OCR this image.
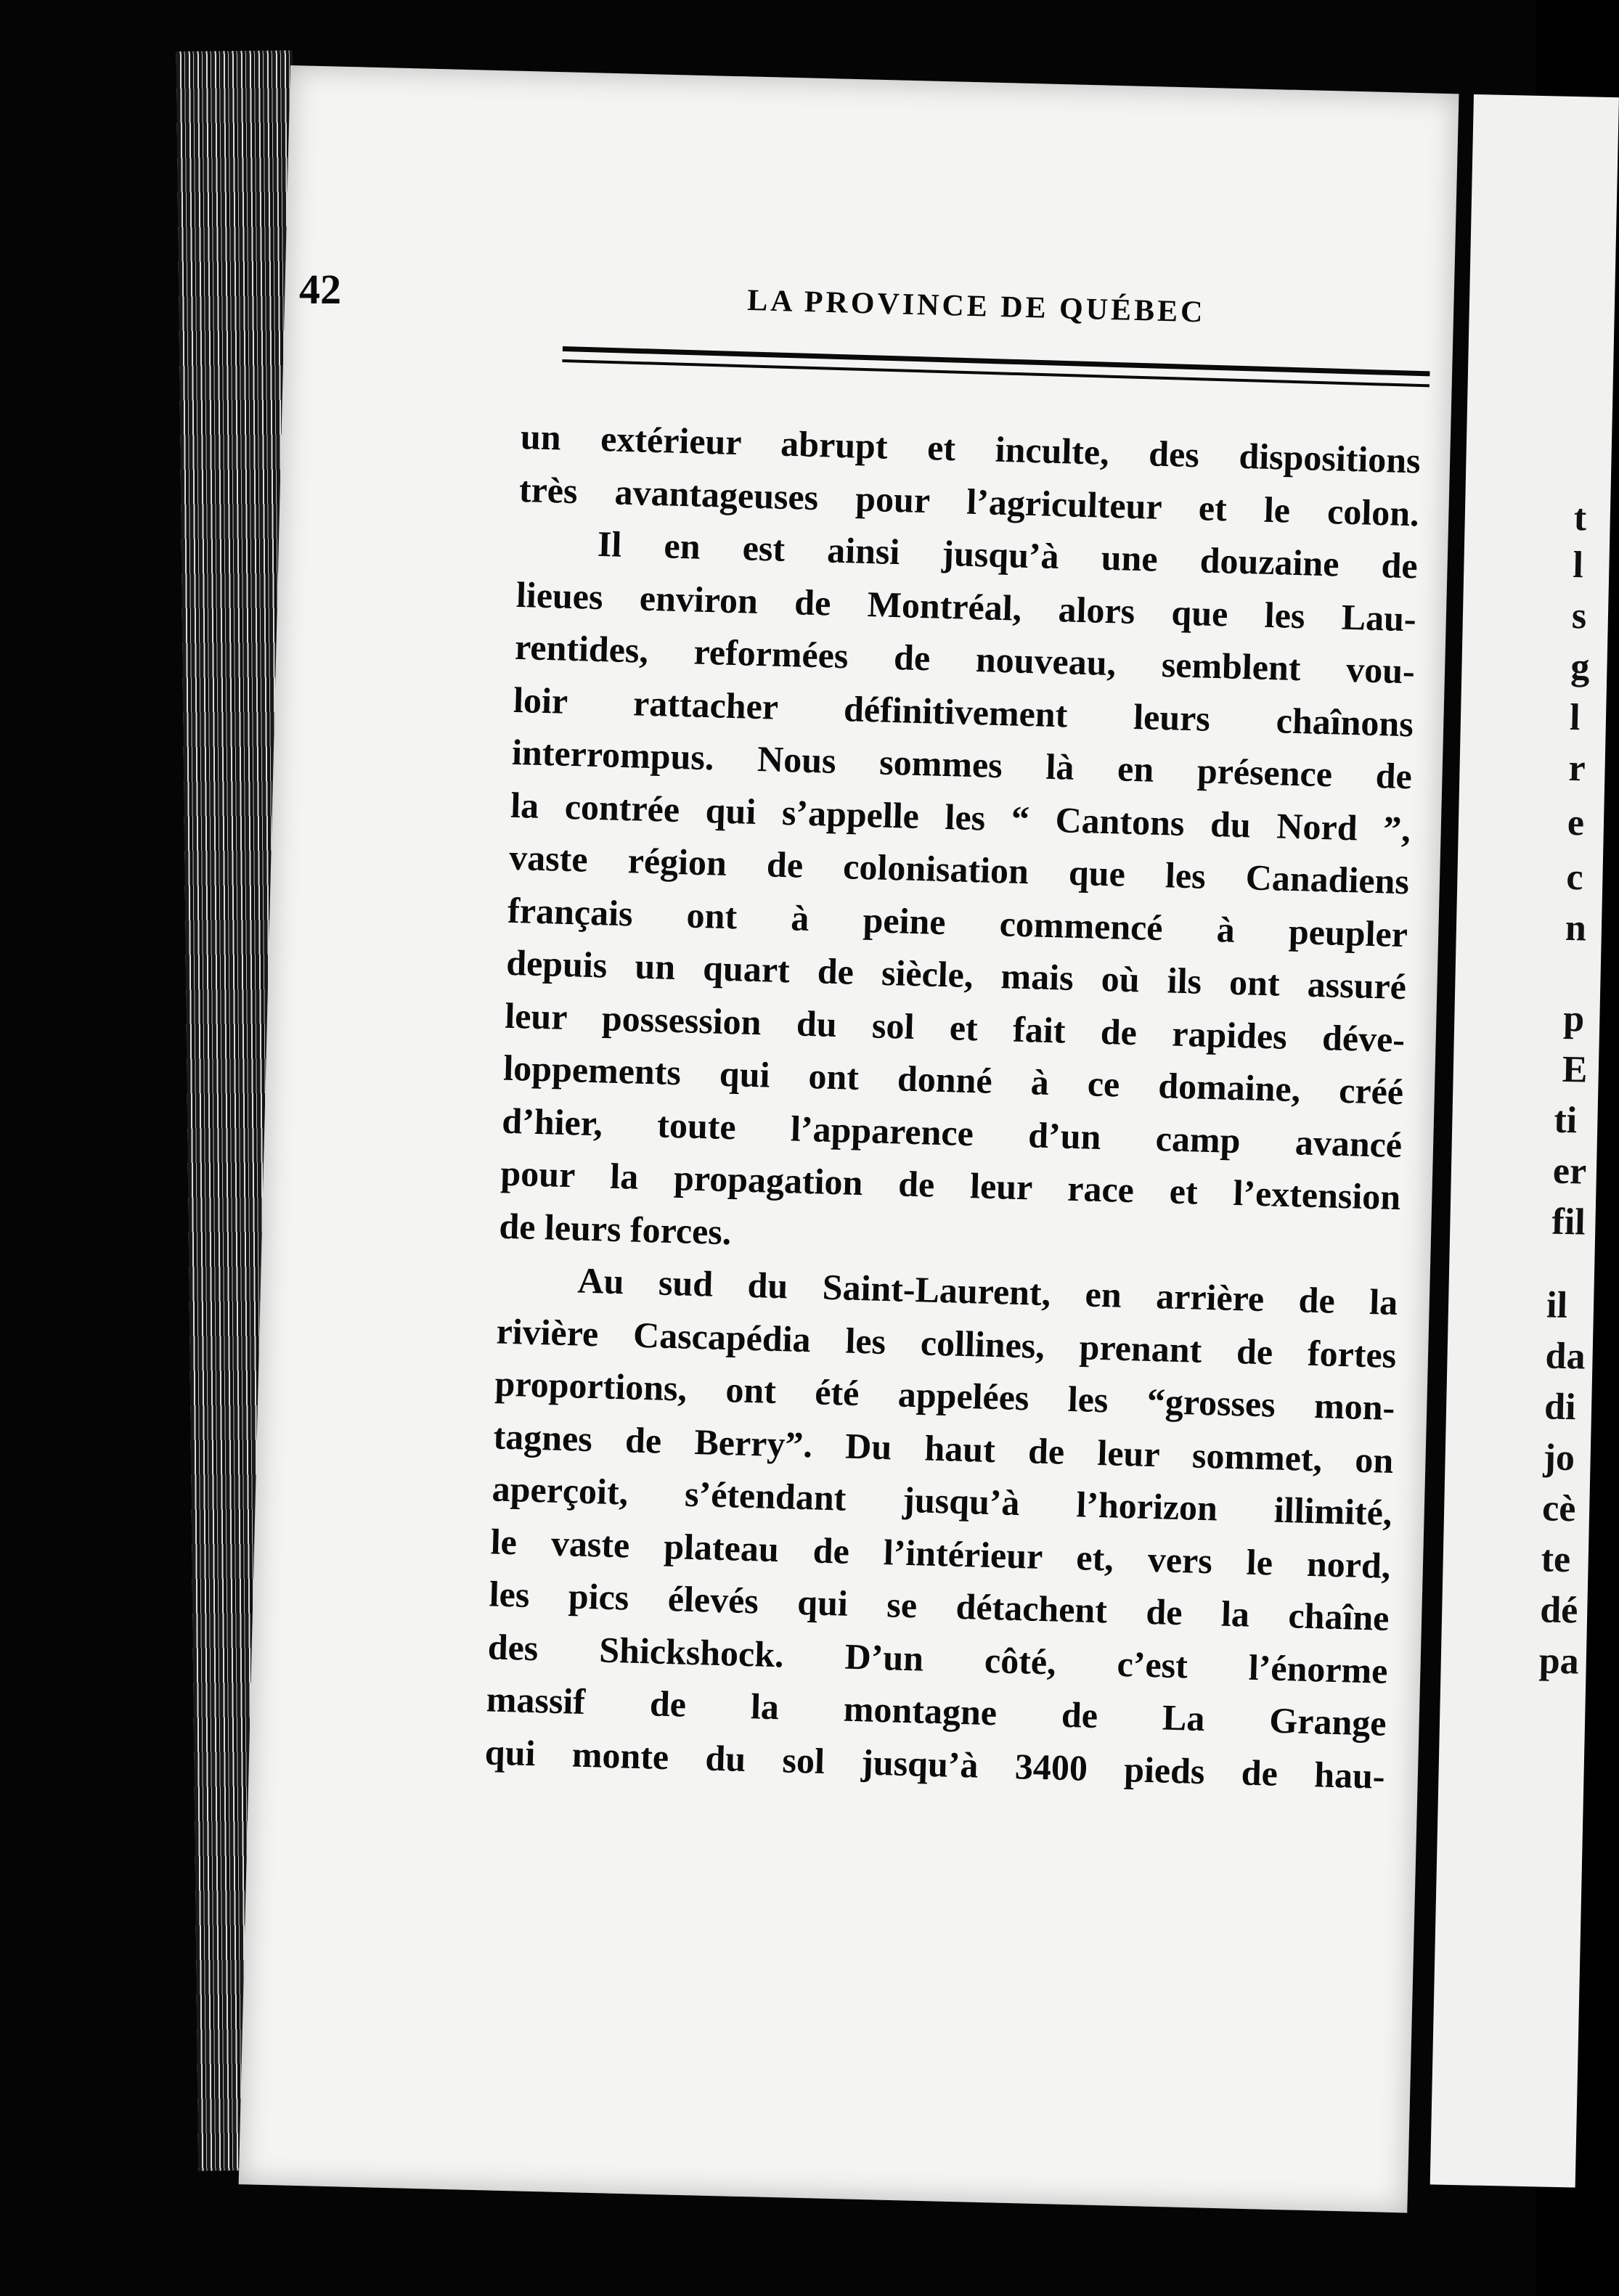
t
l
s
g
l
r
e
c
n
p
E
ti
er
fil
il
da
di
jo
cè
te
dé
pa
42	LA PROVINCE DE QUÉBEC
un extérieur abrupt et inculte, des dispositions
très avantageuses pour l’agriculteur et le colon.
Il en est ainsi jusqu’à une douzaine de
lieues environ de Montréal, alors que les Lau-
rentides, reformées de nouveau, semblent vou-
loir rattacher définitivement leurs chaînons
interrompus. Nous sommes là en présence de
la contrée qui s’appelle les “ Cantons du Nord ”,
vaste région de colonisation que les Canadiens
français ont à peine commencé à peupler
depuis un quart de siècle, mais où ils ont assuré
leur possession du sol et fait de rapides déve-
loppements qui ont donné à ce domaine, créé
d’hier, toute l’apparence d’un camp avancé
pour la propagation de leur race et l’extension
de leurs forces.
Au sud du Saint-Laurent, en arrière de la
rivière Cascapédia les collines, prenant de fortes
proportions, ont été appelées les “grosses mon-
tagnes de Berry”. Du haut de leur sommet, on
aperçoit, s’étendant jusqu’à l’horizon illimité,
le vaste plateau de l’intérieur et, vers le nord,
les pics élevés qui se détachent de la chaîne
des Shickshock. D’un côté, c’est l’énorme
massif de la montagne de La Grange
qui monte du sol jusqu’à 3400 pieds de hau-
